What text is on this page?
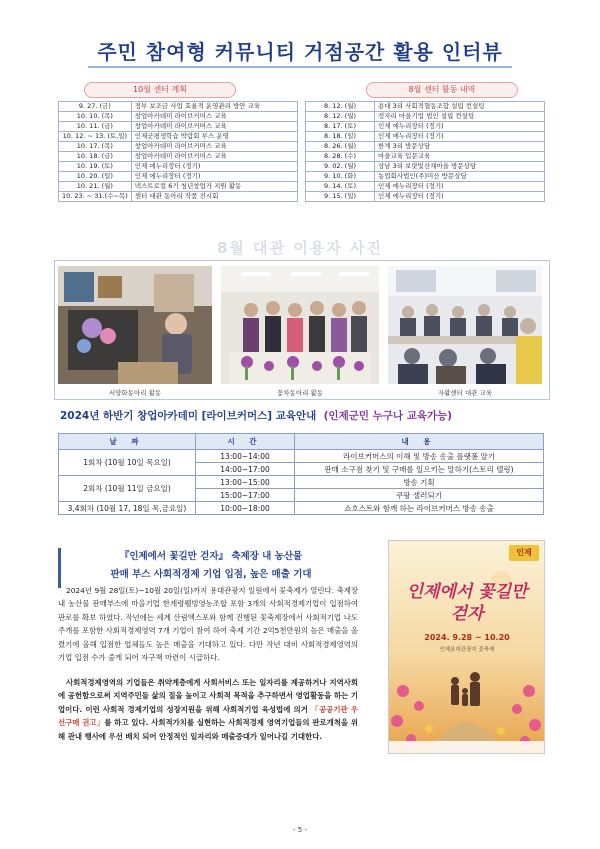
주민 참여형 커뮤니티 거점공간 활용 인터뷰
10월 센터 계획	8월 센터 활동 내역
9. 27. (금)	정부 보조금 사업 효율적 운영관리 방안 교육
10. 10. (목)	창업아카데미 라이브커머스 교육
10. 11. (금)	창업아카데미 라이브커머스 교육
10. 12. ~ 13. (토,일)	인제군평생학습 박람회 부스 운영
10. 17. (목)	창업아카데미 라이브커머스 교육
10. 18. (금)	창업아카데미 라이브커머스 교육
10. 19. (토)	인제 에누리장터 (정기)
10. 20. (일)	인제 에누리장터 (정기)
10. 21. (월)	넥스트로컬 6기 청년창업가 지원 활동
10. 23. ~ 31.(수~목)	센터 대관 동아리 작품 전시회
8. 12. (월)	용대 3리 사회적협동조합 설립 컨설팅
8. 12. (월)	정자리 마을기업 법인 설립 컨설팅
8. 17. (토)	인제 에누리장터 (정기)
8. 18. (일)	인제 에누리장터 (정기)
8. 26. (월)	한계 3리 방문상담
8. 28. (수)	마을교육 입문교육
9. 02. (월)	상남 3리 보랏빛산채마을 방문상담
9. 10. (화)	농업회사법인(주)미산 방문상담
9. 14. (토)	인제 에누리장터 (정기)
9. 15. (일)	인제 에누리장터 (정기)
8월 대관 이용자 사진
서양화동아리 활동	꽃차동아리 활동	자활센터 대관 교육
2024년 하반기 창업아카데미 [라이브커머스] 교육안내 (인제군민 누구나 교육가능)
날 짜	시 간	내 용
1회차 (10월 10일 목요일)	13:00~14:00	라이브커머스의 이해 및 방송 송출 플랫폼 알기
	14:00~17:00	판매 소구점 찾기 및 구매를 일으키는 말하기(스토리 텔링)
2회차 (10월 11일 금요일)	13:00~15:00	방송 기획
	15:00~17:00	쿠팡 셀러되기
3,4회차 (10월 17, 18일 목,금요일)	10:00~18:00	쇼호스트와 함께 하는 라이브커머스 방송 송출
『인제에서 꽃길만 걷자』 축제장 내 농산물
판매 부스 사회적경제 기업 입점, 높은 매출 기대
2024년 9월 28일(토)~10월 20일(일)까지 용대관광지 일원에서 꽃축제가 열린다. 축제장 내 농산물 판매부스에 마을기업 한계령웰빙영농조합 포함 3개의 사회적경제기업이 입점하여 판로를 확보 하였다. 작년에는 세계 산림엑스포와 함께 진행된 꽃축제장에서 사회적기업 나도주개를 포함한 사회적경제영역 7개 기업이 참여 하여 축제 기간 2억5천만원의 높은 매출을 올렸기에 올해 입점한 업체들도 높은 매출을 기대하고 있다. 다만 작년 대비 사회적경제영역의 기업 입점 수가 줄게 되어 자구책 마련이 시급하다.
사회적경제영역의 기업들은 취약계층에게 사회서비스 또는 일자리를 제공하거나 지역사회에 공헌함으로써 지역주민들 삶의 질을 높이고 사회적 목적을 추구하면서 영업활동을 하는 기업이다. 이런 사회적 경제기업의 성장지원을 위해 사회적기업 육성법에 의거 「공공기관 우선구매 권고」를 하고 있다. 사회적가치를 실현하는 사회적경제 영역기업들의 판로개척을 위해 관내 행사에 우선 배치 되어 안정적인 일자리와 매출증대가 일어나길 기대한다.
인제
인제에서 꽃길만 걷자
2024. 9.28 ~ 10.20
인제용대관광지 꽃축제
- 5 -
